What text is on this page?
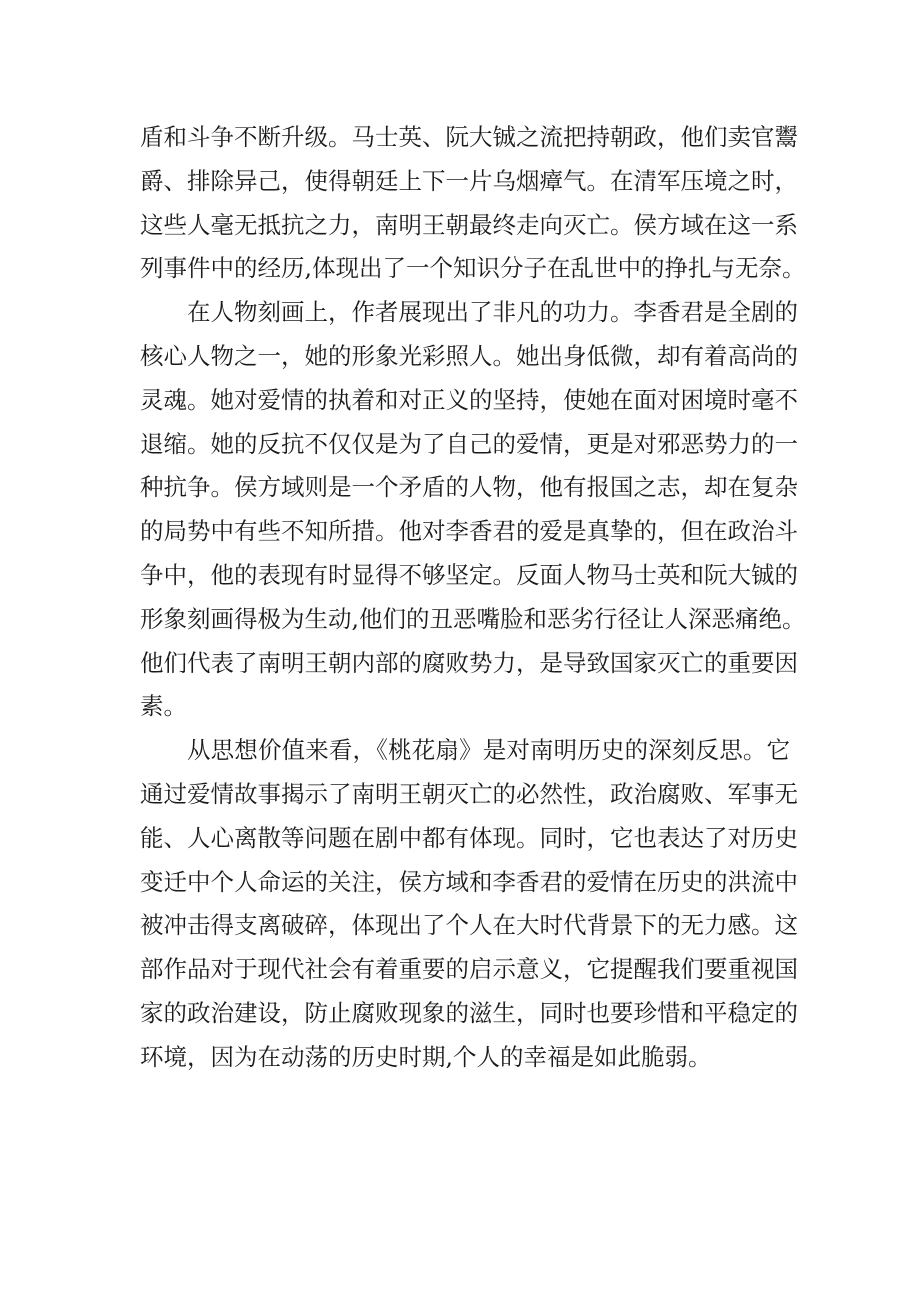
盾和斗争不断升级。马士英、阮大铖之流把持朝政，他们卖官鬻
爵、排除异己，使得朝廷上下一片乌烟瘴气。在清军压境之时，
这些人毫无抵抗之力，南明王朝最终走向灭亡。侯方域在这一系
列事件中的经历,体现出了一个知识分子在乱世中的挣扎与无奈。
在人物刻画上，作者展现出了非凡的功力。李香君是全剧的
核心人物之一，她的形象光彩照人。她出身低微，却有着高尚的
灵魂。她对爱情的执着和对正义的坚持，使她在面对困境时毫不
退缩。她的反抗不仅仅是为了自己的爱情，更是对邪恶势力的一
种抗争。侯方域则是一个矛盾的人物，他有报国之志，却在复杂
的局势中有些不知所措。他对李香君的爱是真挚的，但在政治斗
争中，他的表现有时显得不够坚定。反面人物马士英和阮大铖的
形象刻画得极为生动,他们的丑恶嘴脸和恶劣行径让人深恶痛绝。
他们代表了南明王朝内部的腐败势力，是导致国家灭亡的重要因
素。
从思想价值来看，《桃花扇》是对南明历史的深刻反思。它
通过爱情故事揭示了南明王朝灭亡的必然性，政治腐败、军事无
能、人心离散等问题在剧中都有体现。同时，它也表达了对历史
变迁中个人命运的关注，侯方域和李香君的爱情在历史的洪流中
被冲击得支离破碎，体现出了个人在大时代背景下的无力感。这
部作品对于现代社会有着重要的启示意义，它提醒我们要重视国
家的政治建设，防止腐败现象的滋生，同时也要珍惜和平稳定的
环境，因为在动荡的历史时期,个人的幸福是如此脆弱。
